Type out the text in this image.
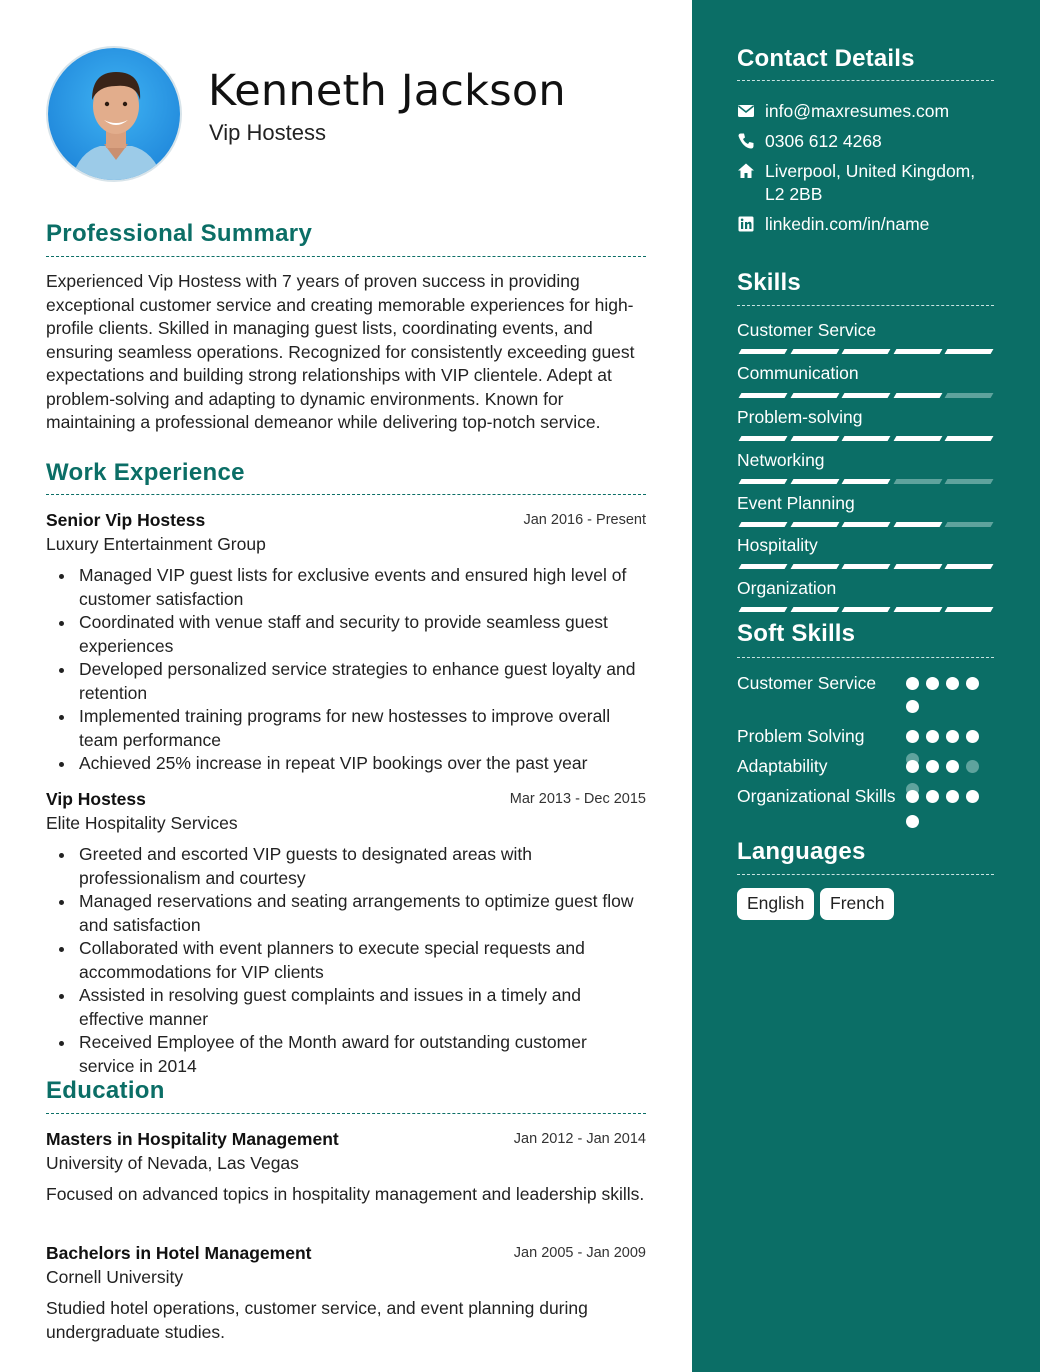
Kenneth Jackson
Vip Hostess
Professional Summary
Experienced Vip Hostess with 7 years of proven success in providing exceptional customer service and creating memorable experiences for high-profile clients. Skilled in managing guest lists, coordinating events, and ensuring seamless operations. Recognized for consistently exceeding guest expectations and building strong relationships with VIP clientele. Adept at problem-solving and adapting to dynamic environments. Known for maintaining a professional demeanor while delivering top-notch service.
Work Experience
Senior Vip Hostess	Jan 2016 - Present
Luxury Entertainment Group
Managed VIP guest lists for exclusive events and ensured high level of customer satisfaction
Coordinated with venue staff and security to provide seamless guest experiences
Developed personalized service strategies to enhance guest loyalty and retention
Implemented training programs for new hostesses to improve overall team performance
Achieved 25% increase in repeat VIP bookings over the past year
Vip Hostess	Mar 2013 - Dec 2015
Elite Hospitality Services
Greeted and escorted VIP guests to designated areas with professionalism and courtesy
Managed reservations and seating arrangements to optimize guest flow and satisfaction
Collaborated with event planners to execute special requests and accommodations for VIP clients
Assisted in resolving guest complaints and issues in a timely and effective manner
Received Employee of the Month award for outstanding customer service in 2014
Education
Masters in Hospitality Management	Jan 2012 - Jan 2014
University of Nevada, Las Vegas
Focused on advanced topics in hospitality management and leadership skills.
Bachelors in Hotel Management	Jan 2005 - Jan 2009
Cornell University
Studied hotel operations, customer service, and event planning during undergraduate studies.
Contact Details
info@maxresumes.com
0306 612 4268
Liverpool, United Kingdom,
L2 2BB
linkedin.com/in/name
Skills
Customer Service
Communication
Problem-solving
Networking
Event Planning
Hospitality
Organization
Soft Skills
Customer Service
Problem Solving
Adaptability
Organizational Skills
Languages
English	French
